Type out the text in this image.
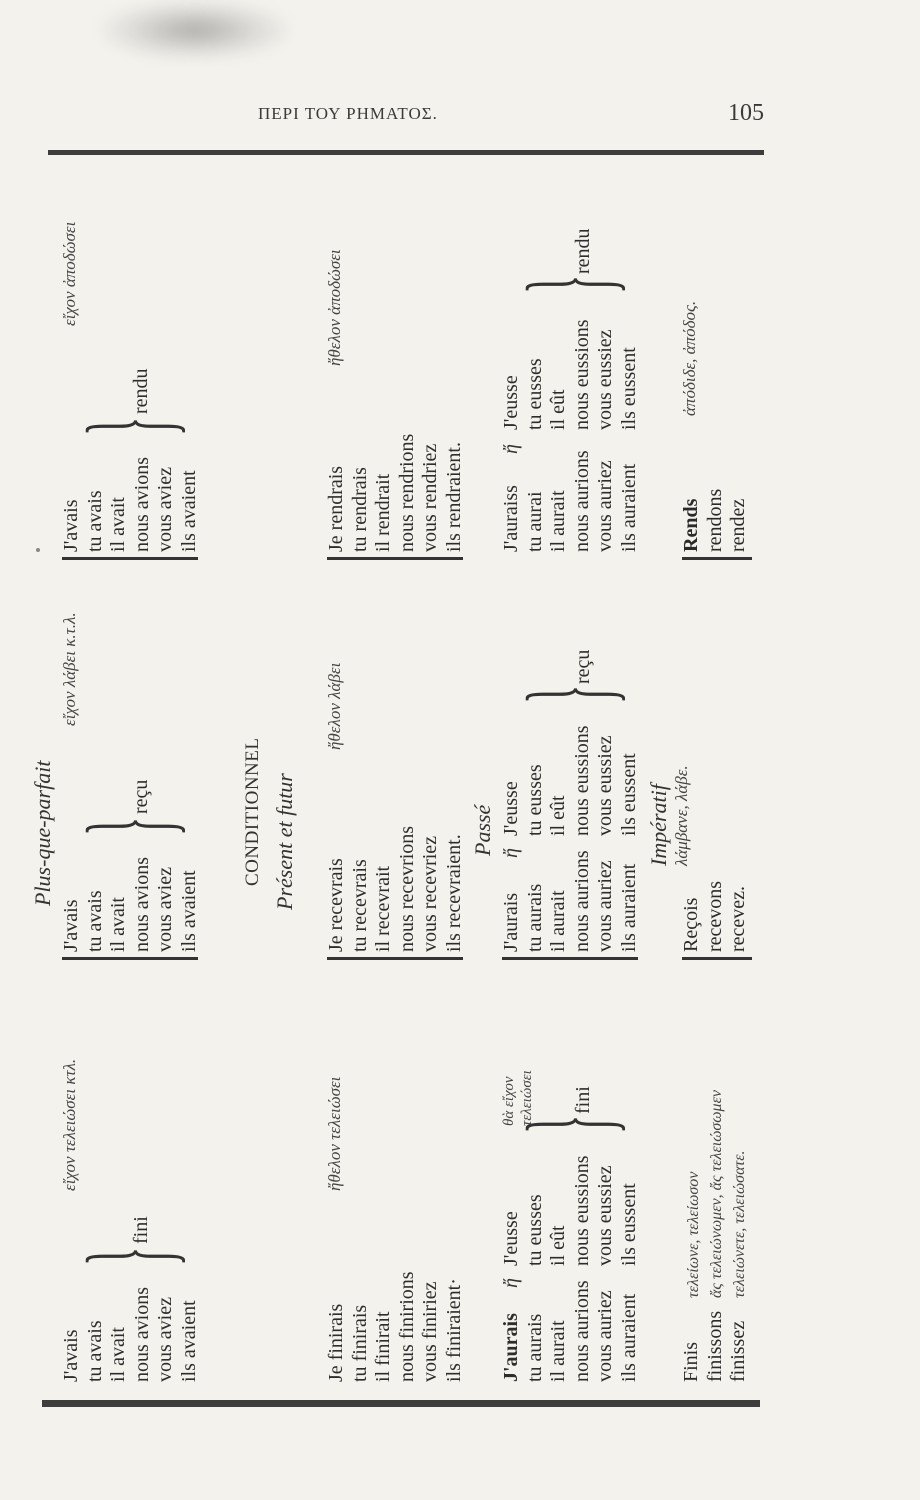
ΠΕΡΙ ΤΟΥ ΡΗΜΑΤΟΣ.	105
J'avais tu avais il avait nous avions vous aviez ils avaient
}
fini
εἴχον τελειώσει κτλ.
Je finirais tu finirais il finirait nous finirions vous finiriez ils finiraient·
ἤθελον τελειώσει
J'aurais tu aurais il aurait nous aurions vous auriez ils auraient
ἤ
J'eusse tu eusses il eût nous eussions vous eussiez ils eussent
}
fini
θὰ εἴχον τελειώσει
Finis finissons finissez
τελείωνε, τελείωσον ἄς τελειώνωμεν, ἄς τελειώσωμεν τελειώνετε, τελειώσατε.
Plus-que-parfait
J'avais tu avais il avait nous avions vous aviez ils avaient
}
reçu
εἴχον λάβει κ.τ.λ.
CONDITIONNEL Présent et futur Je recevrais tu recevrais il recevrait nous recevrions vous recevriez ils recevraient.
ἤθελον λάβει
Passé
J'aurais tu aurais il aurait nous aurions vous auriez ils auraient
ἤ
J'eusse tu eusses il eût nous eussions vous eussiez ils eussent
}
reçu
Impératif λάμβανε, λάβε.
Reçois recevons recevez.
J'avais tu avais il avait nous avions vous aviez ils avaient
}
rendu
εἴχον ἀποδώσει
Je rendrais tu rendrais il rendrait nous rendrions vous rendriez ils rendraient.
ἤθελον ἀποδώσει
J'auraiss tu aurai il aurait nous aurions vous auriez ils auraient
ἤ
J'eusse tu eusses il eût nous eussions vous eussiez ils eussent
}
rendu
Rends rendons rendez
ἀπόδιδε, ἀπόδος.
